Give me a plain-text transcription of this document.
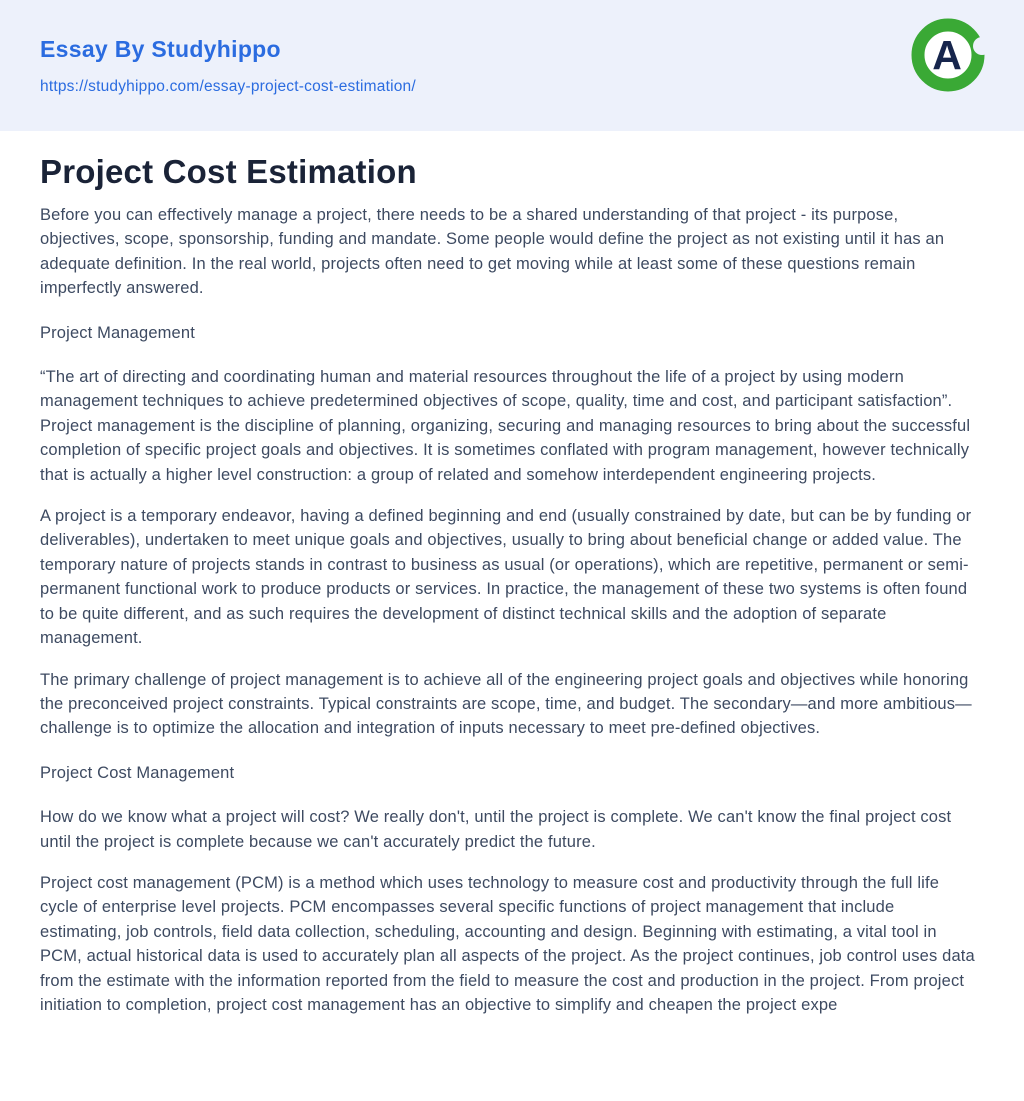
Essay By Studyhippo
https://studyhippo.com/essay-project-cost-estimation/
A
Project Cost Estimation

Before you can effectively manage a project, there needs to be a shared understanding of that project - its purpose, objectives, scope, sponsorship, funding and mandate. Some people would define the project as not existing until it has an adequate definition. In the real world, projects often need to get moving while at least some of these questions remain imperfectly answered.

Project Management

“The art of directing and coordinating human and material resources throughout the life of a project by using modern management techniques to achieve predetermined objectives of scope, quality, time and cost, and participant satisfaction”. Project management is the discipline of planning, organizing, securing and managing resources to bring about the successful completion of specific project goals and objectives. It is sometimes conflated with program management, however technically that is actually a higher level construction: a group of related and somehow interdependent engineering projects.

A project is a temporary endeavor, having a defined beginning and end (usually constrained by date, but can be by funding or deliverables), undertaken to meet unique goals and objectives, usually to bring about beneficial change or added value. The temporary nature of projects stands in contrast to business as usual (or operations), which are repetitive, permanent or semi-permanent functional work to produce products or services. In practice, the management of these two systems is often found to be quite different, and as such requires the development of distinct technical skills and the adoption of separate management.

The primary challenge of project management is to achieve all of the engineering project goals and objectives while honoring the preconceived project constraints. Typical constraints are scope, time, and budget. The secondary—and more ambitious—challenge is to optimize the allocation and integration of inputs necessary to meet pre-defined objectives.

Project Cost Management

How do we know what a project will cost? We really don't, until the project is complete. We can't know the final project cost until the project is complete because we can't accurately predict the future.

Project cost management (PCM) is a method which uses technology to measure cost and productivity through the full life cycle of enterprise level projects. PCM encompasses several specific functions of project management that include estimating, job controls, field data collection, scheduling, accounting and design. Beginning with estimating, a vital tool in PCM, actual historical data is used to accurately plan all aspects of the project. As the project continues, job control uses data from the estimate with the information reported from the field to measure the cost and production in the project. From project initiation to completion, project cost management has an objective to simplify and cheapen the project expe
